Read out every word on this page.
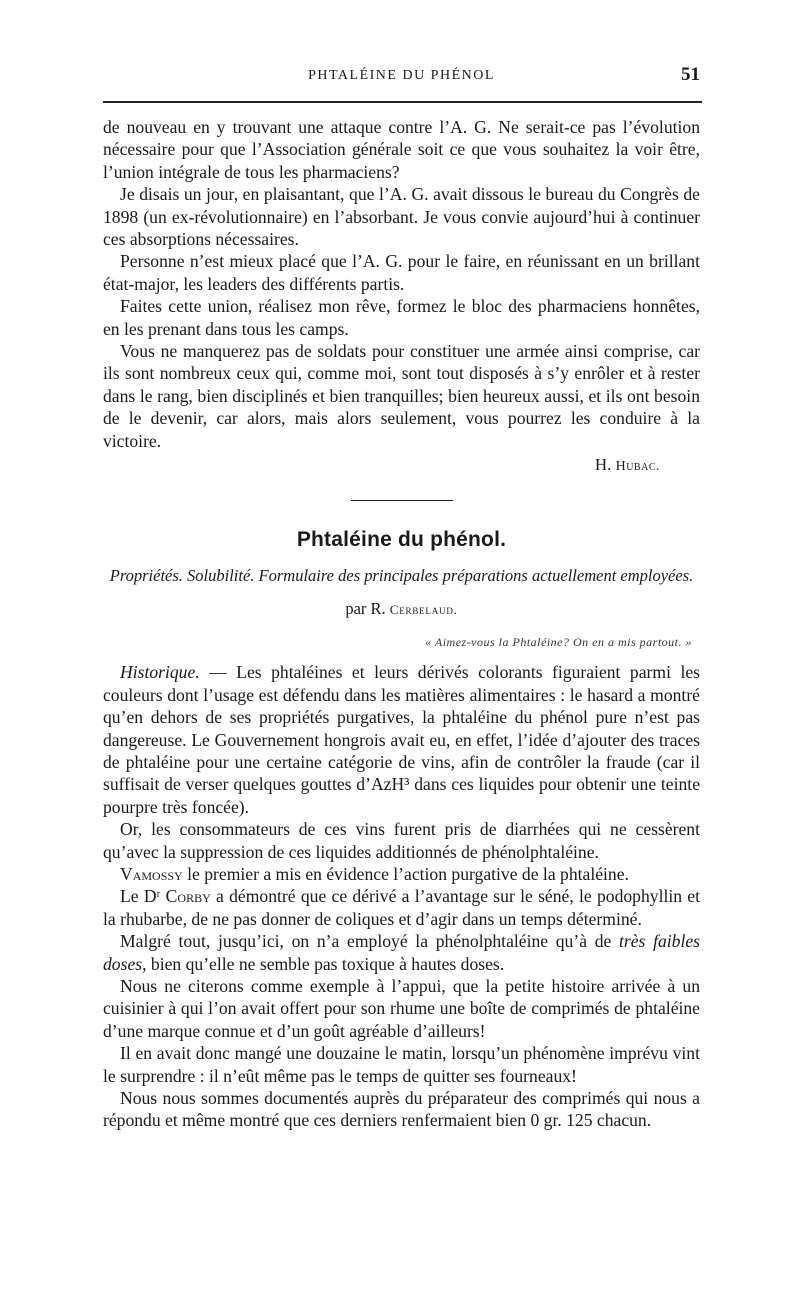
PHTALÉINE DU PHÉNOL	51

de nouveau en y trouvant une attaque contre l’A. G. Ne serait-ce pas l’évolution nécessaire pour que l’Association générale soit ce que vous souhaitez la voir être, l’union intégrale de tous les pharmaciens?

Je disais un jour, en plaisantant, que l’A. G. avait dissous le bureau du Congrès de 1898 (un ex-révolutionnaire) en l’absorbant. Je vous convie aujourd’hui à continuer ces absorptions nécessaires.

Personne n’est mieux placé que l’A. G. pour le faire, en réunissant en un brillant état-major, les leaders des différents partis.

Faites cette union, réalisez mon rêve, formez le bloc des pharmaciens honnêtes, en les prenant dans tous les camps.

Vous ne manquerez pas de soldats pour constituer une armée ainsi comprise, car ils sont nombreux ceux qui, comme moi, sont tout disposés à s’y enrôler et à rester dans le rang, bien disciplinés et bien tranquilles; bien heureux aussi, et ils ont besoin de le devenir, car alors, mais alors seulement, vous pourrez les conduire à la victoire.

H. Hubac.
Phtaléine du phénol.
Propriétés. Solubilité. Formulaire des principales préparations actuellement employées.
par R. Cerbelaud.
« Aimez-vous la Phtaléine? On en a mis partout. »

Historique. — Les phtaléines et leurs dérivés colorants figuraient parmi les couleurs dont l’usage est défendu dans les matières alimentaires : le hasard a montré qu’en dehors de ses propriétés purgatives, la phtaléine du phénol pure n’est pas dangereuse. Le Gouvernement hongrois avait eu, en effet, l’idée d’ajouter des traces de phtaléine pour une certaine catégorie de vins, afin de contrôler la fraude (car il suffisait de verser quelques gouttes d’AzH³ dans ces liquides pour obtenir une teinte pourpre très foncée).

Or, les consommateurs de ces vins furent pris de diarrhées qui ne cessèrent qu’avec la suppression de ces liquides additionnés de phénolphtaléine.

Vamossy le premier a mis en évidence l’action purgative de la phtaléine.

Le Dʳ Corby a démontré que ce dérivé a l’avantage sur le séné, le podophyllin et la rhubarbe, de ne pas donner de coliques et d’agir dans un temps déterminé.

Malgré tout, jusqu’ici, on n’a employé la phénolphtaléine qu’à de très faibles doses, bien qu’elle ne semble pas toxique à hautes doses.

Nous ne citerons comme exemple à l’appui, que la petite histoire arrivée à un cuisinier à qui l’on avait offert pour son rhume une boîte de comprimés de phtaléine d’une marque connue et d’un goût agréable d’ailleurs!

Il en avait donc mangé une douzaine le matin, lorsqu’un phénomène imprévu vint le surprendre : il n’eût même pas le temps de quitter ses fourneaux!

Nous nous sommes documentés auprès du préparateur des comprimés qui nous a répondu et même montré que ces derniers renfermaient bien 0 gr. 125 chacun.
